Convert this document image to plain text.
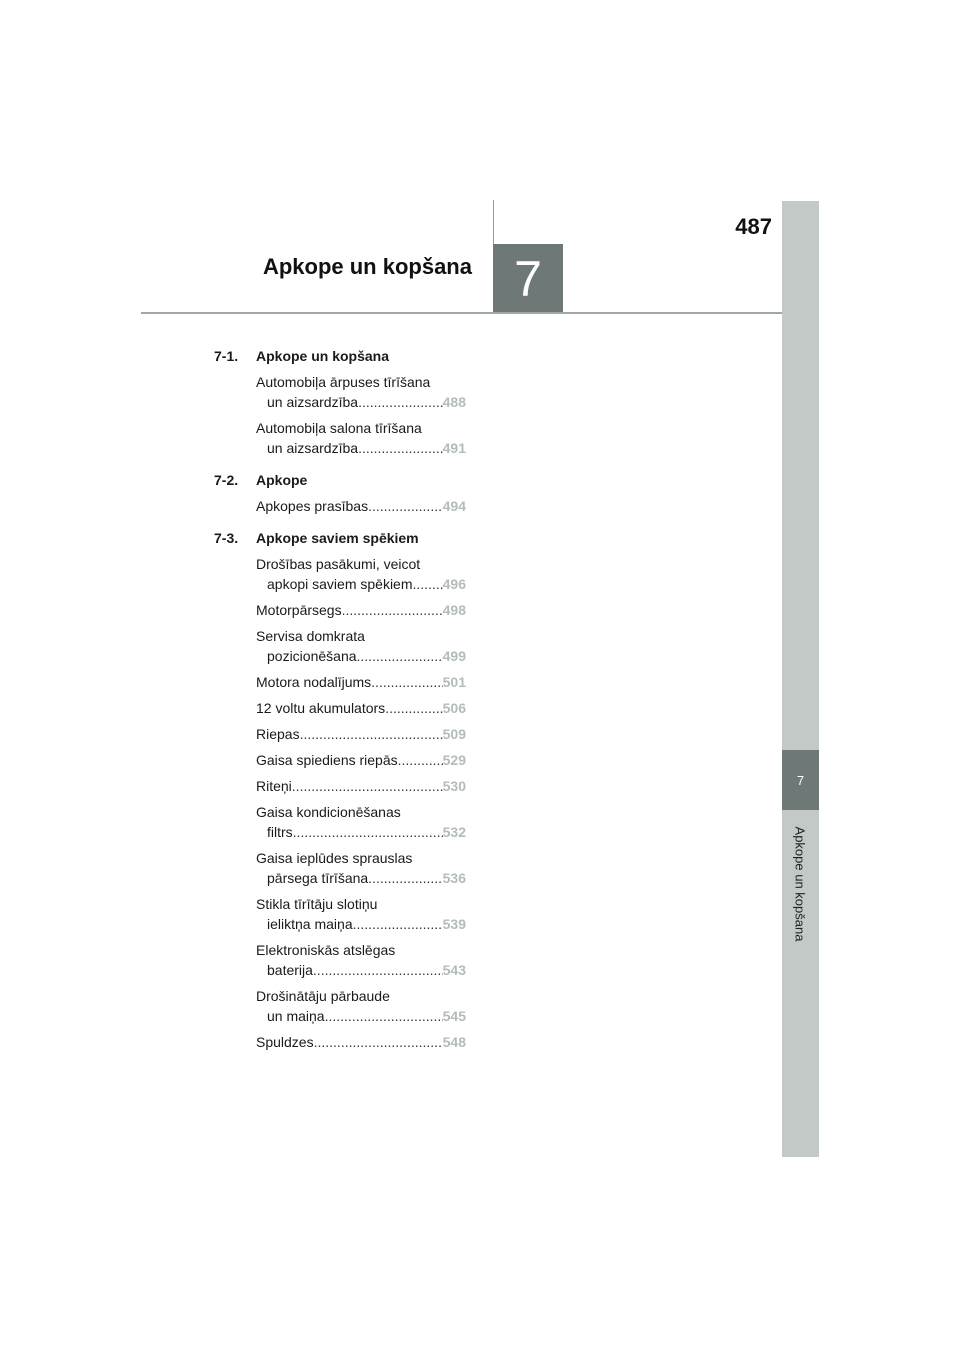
487
Apkope un kopšana 7
7
Apkope un kopšana
7-1.	Apkope un kopšana
Automobiļa ārpuses tīrīšana
un aizsardzība .....	488
Automobiļa salona tīrīšana
un aizsardzība .....	491
7-2.	Apkope
Apkopes prasības .....	494
7-3.	Apkope saviem spēkiem
Drošības pasākumi, veicot
apkopi saviem spēkiem ..... 496
Motorpārsegs .....	498
Servisa domkrata
pozicionēšana .....	499
Motora nodalījums .....	501
12 voltu akumulators .....	506
Riepas .....	509
Gaisa spiediens riepās .....	529
Riteņi .....	530
Gaisa kondicionēšanas
filtrs .....	532
Gaisa ieplūdes sprauslas
pārsega tīrīšana .....	536
Stikla tīrītāju slotiņu
ieliktņa maiņa .....	539
Elektroniskās atslēgas
baterija .....	543
Drošinātāju pārbaude
un maiņa .....	545
Spuldzes .....	548
